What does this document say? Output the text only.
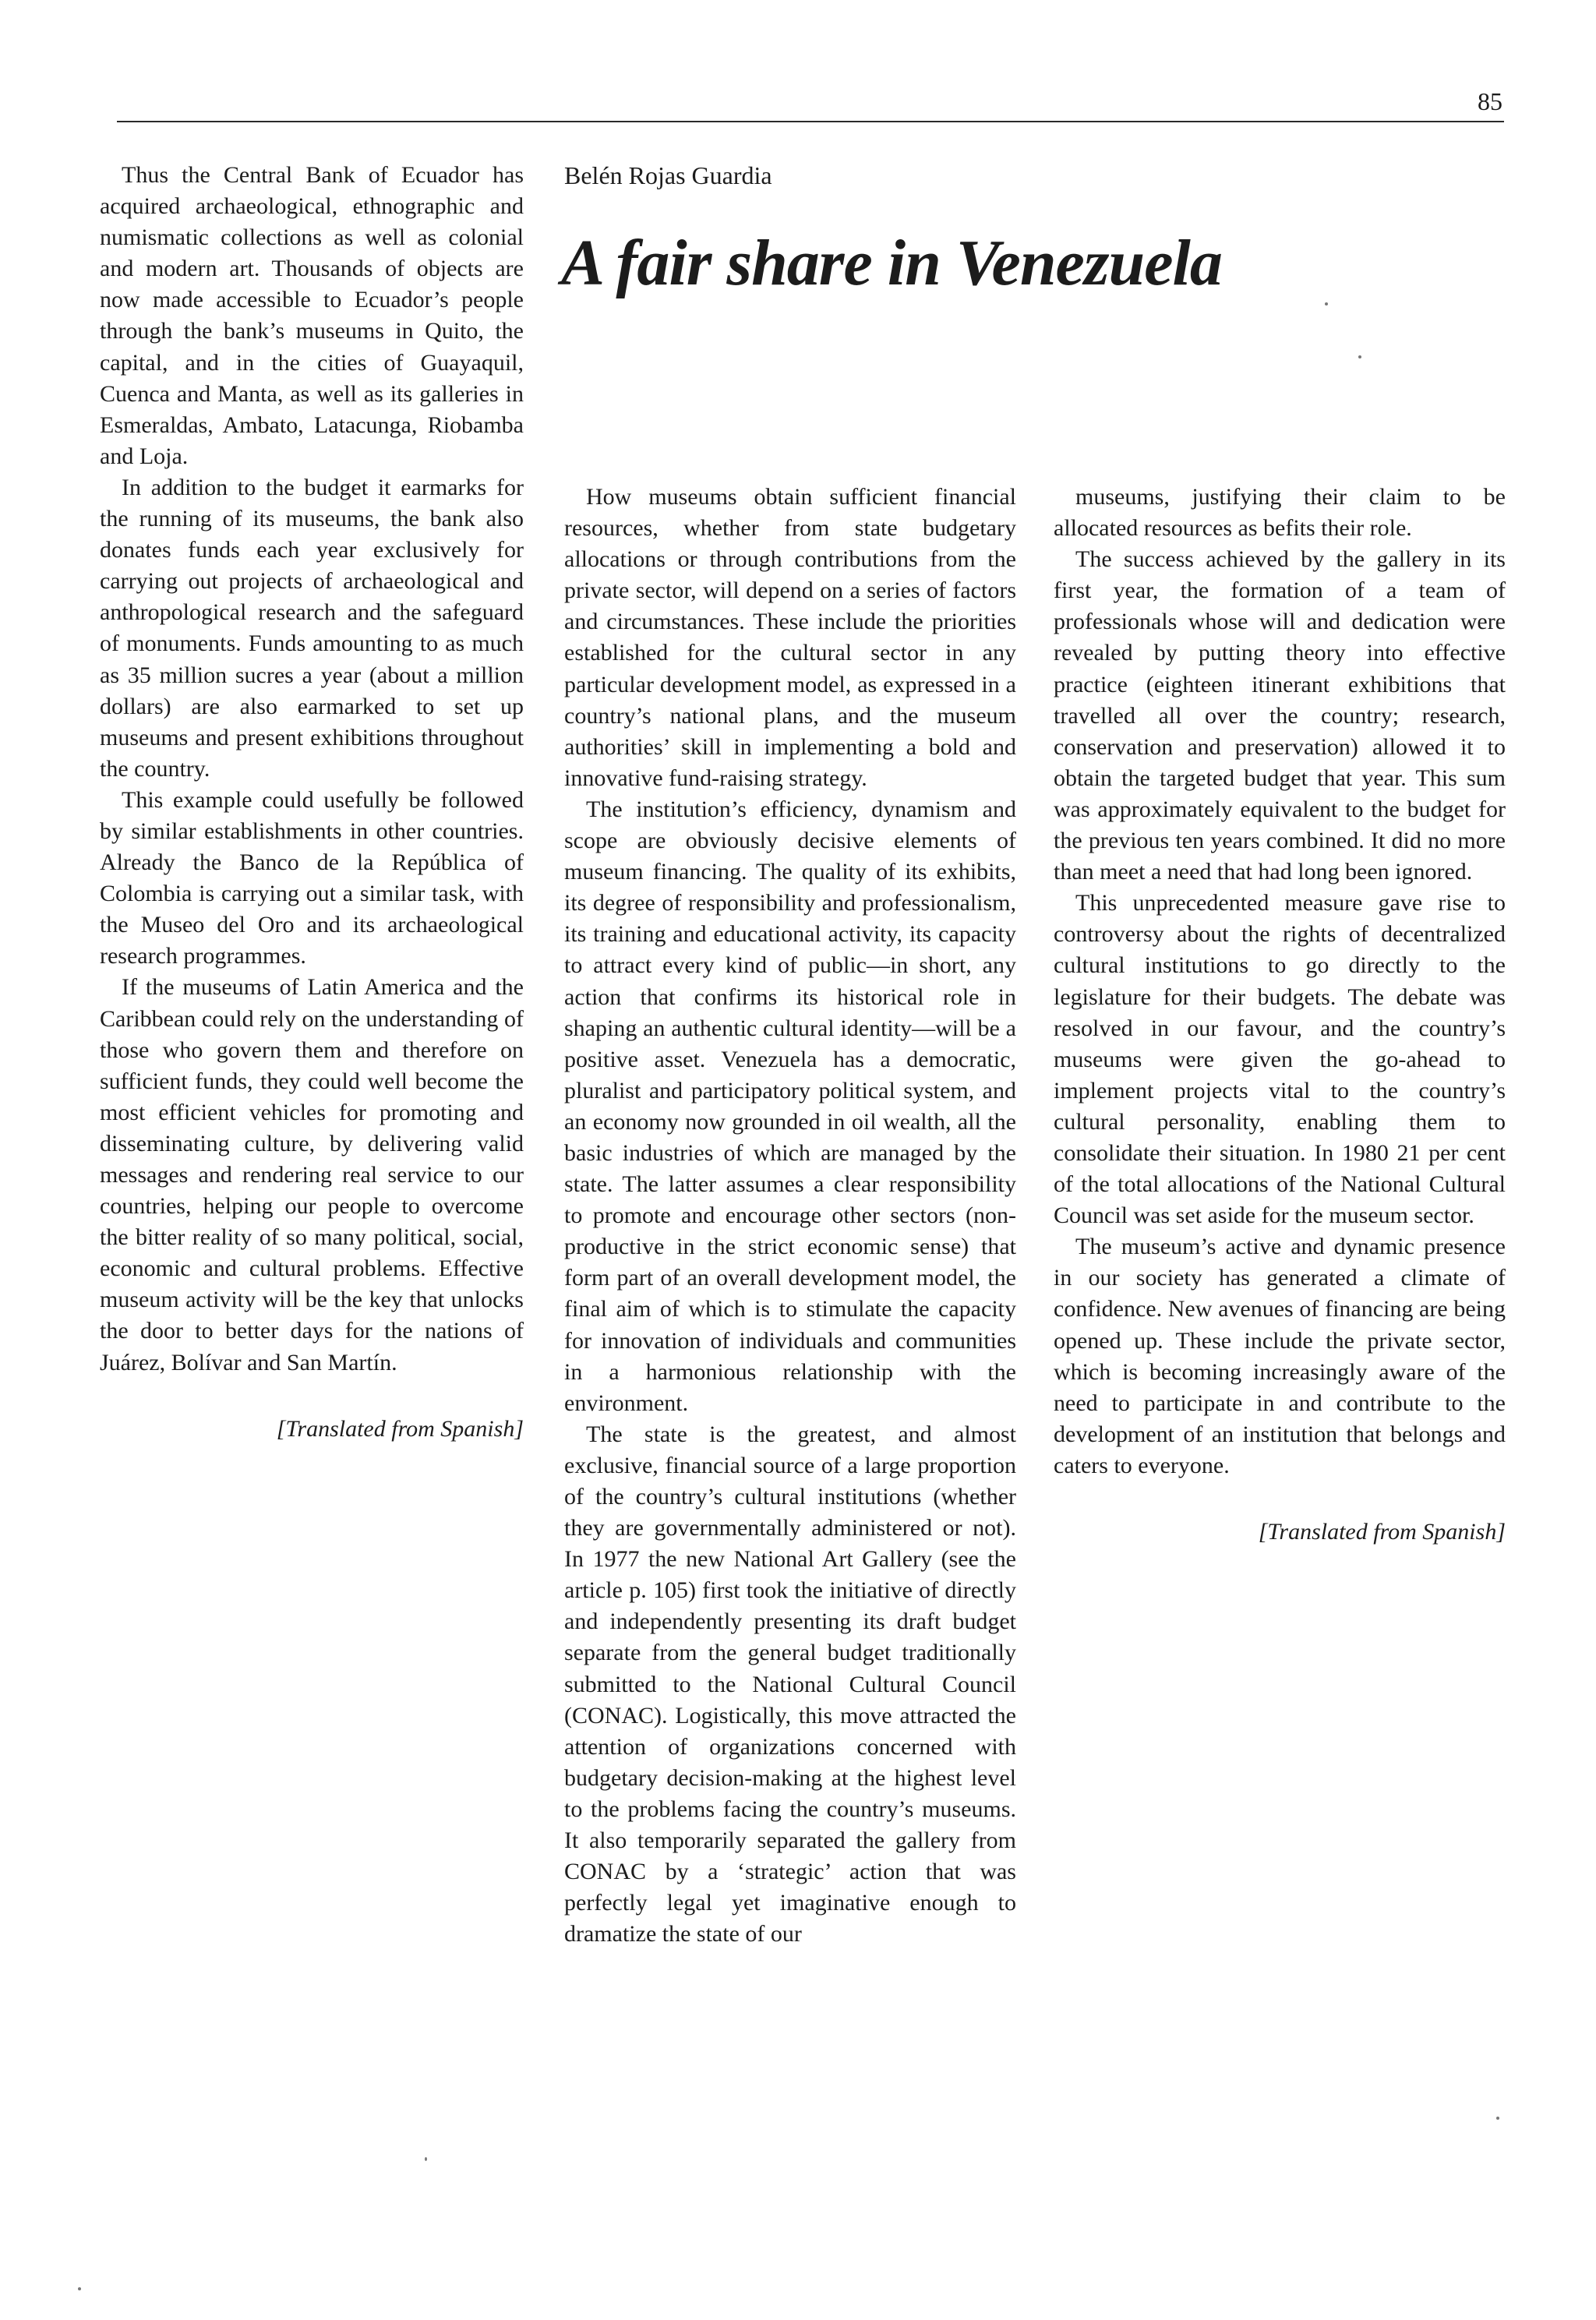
85

Thus the Central Bank of Ecuador has acquired archaeological, ethnographic and numismatic collections as well as colonial and modern art. Thousands of objects are now made accessible to Ecuador’s people through the bank’s museums in Quito, the capital, and in the cities of Guayaquil, Cuenca and Manta, as well as its galleries in Esmeraldas, Ambato, Latacunga, Riobamba and Loja.

In addition to the budget it earmarks for the running of its museums, the bank also donates funds each year exclusively for carrying out projects of archaeological and anthropological research and the safeguard of monuments. Funds amounting to as much as 35 million sucres a year (about a million dollars) are also earmarked to set up museums and present exhibitions throughout the country.

This example could usefully be followed by similar establishments in other countries. Already the Banco de la República of Colombia is carrying out a similar task, with the Museo del Oro and its archaeological research programmes.

If the museums of Latin America and the Caribbean could rely on the understanding of those who govern them and therefore on sufficient funds, they could well become the most efficient vehicles for promoting and disseminating culture, by delivering valid messages and rendering real service to our countries, helping our people to overcome the bitter reality of so many political, social, economic and cultural problems. Effective museum activity will be the key that unlocks the door to better days for the nations of Juárez, Bolívar and San Martín.

[Translated from Spanish]

Belén Rojas Guardia
A fair share in Venezuela

How museums obtain sufficient financial resources, whether from state budgetary allocations or through contributions from the private sector, will depend on a series of factors and circumstances. These include the priorities established for the cultural sector in any particular development model, as expressed in a country’s national plans, and the museum authorities’ skill in implementing a bold and innovative fund-raising strategy.

The institution’s efficiency, dynamism and scope are obviously decisive elements of museum financing. The quality of its exhibits, its degree of responsibility and professionalism, its training and educational activity, its capacity to attract every kind of public—in short, any action that confirms its historical role in shaping an authentic cultural identity—will be a positive asset. Venezuela has a democratic, pluralist and participatory political system, and an economy now grounded in oil wealth, all the basic industries of which are managed by the state. The latter assumes a clear responsibility to promote and encourage other sectors (non-productive in the strict economic sense) that form part of an overall development model, the final aim of which is to stimulate the capacity for innovation of individuals and communities in a harmonious relationship with the environment.

The state is the greatest, and almost exclusive, financial source of a large proportion of the country’s cultural institutions (whether they are governmentally administered or not). In 1977 the new National Art Gallery (see the article p. 105) first took the initiative of directly and independently presenting its draft budget separate from the general budget traditionally submitted to the National Cultural Council (CONAC). Logistically, this move attracted the attention of organizations concerned with budgetary decision-making at the highest level to the problems facing the country’s museums. It also temporarily separated the gallery from CONAC by a ‘strategic’ action that was perfectly legal yet imaginative enough to dramatize the state of our

museums, justifying their claim to be allocated resources as befits their role.

The success achieved by the gallery in its first year, the formation of a team of professionals whose will and dedication were revealed by putting theory into effective practice (eighteen itinerant exhibitions that travelled all over the country; research, conservation and preservation) allowed it to obtain the targeted budget that year. This sum was approximately equivalent to the budget for the previous ten years combined. It did no more than meet a need that had long been ignored.

This unprecedented measure gave rise to controversy about the rights of decentralized cultural institutions to go directly to the legislature for their budgets. The debate was resolved in our favour, and the country’s museums were given the go-ahead to implement projects vital to the country’s cultural personality, enabling them to consolidate their situation. In 1980 21 per cent of the total allocations of the National Cultural Council was set aside for the museum sector.

The museum’s active and dynamic presence in our society has generated a climate of confidence. New avenues of financing are being opened up. These include the private sector, which is becoming increasingly aware of the need to participate in and contribute to the development of an institution that belongs and caters to everyone.

[Translated from Spanish]
